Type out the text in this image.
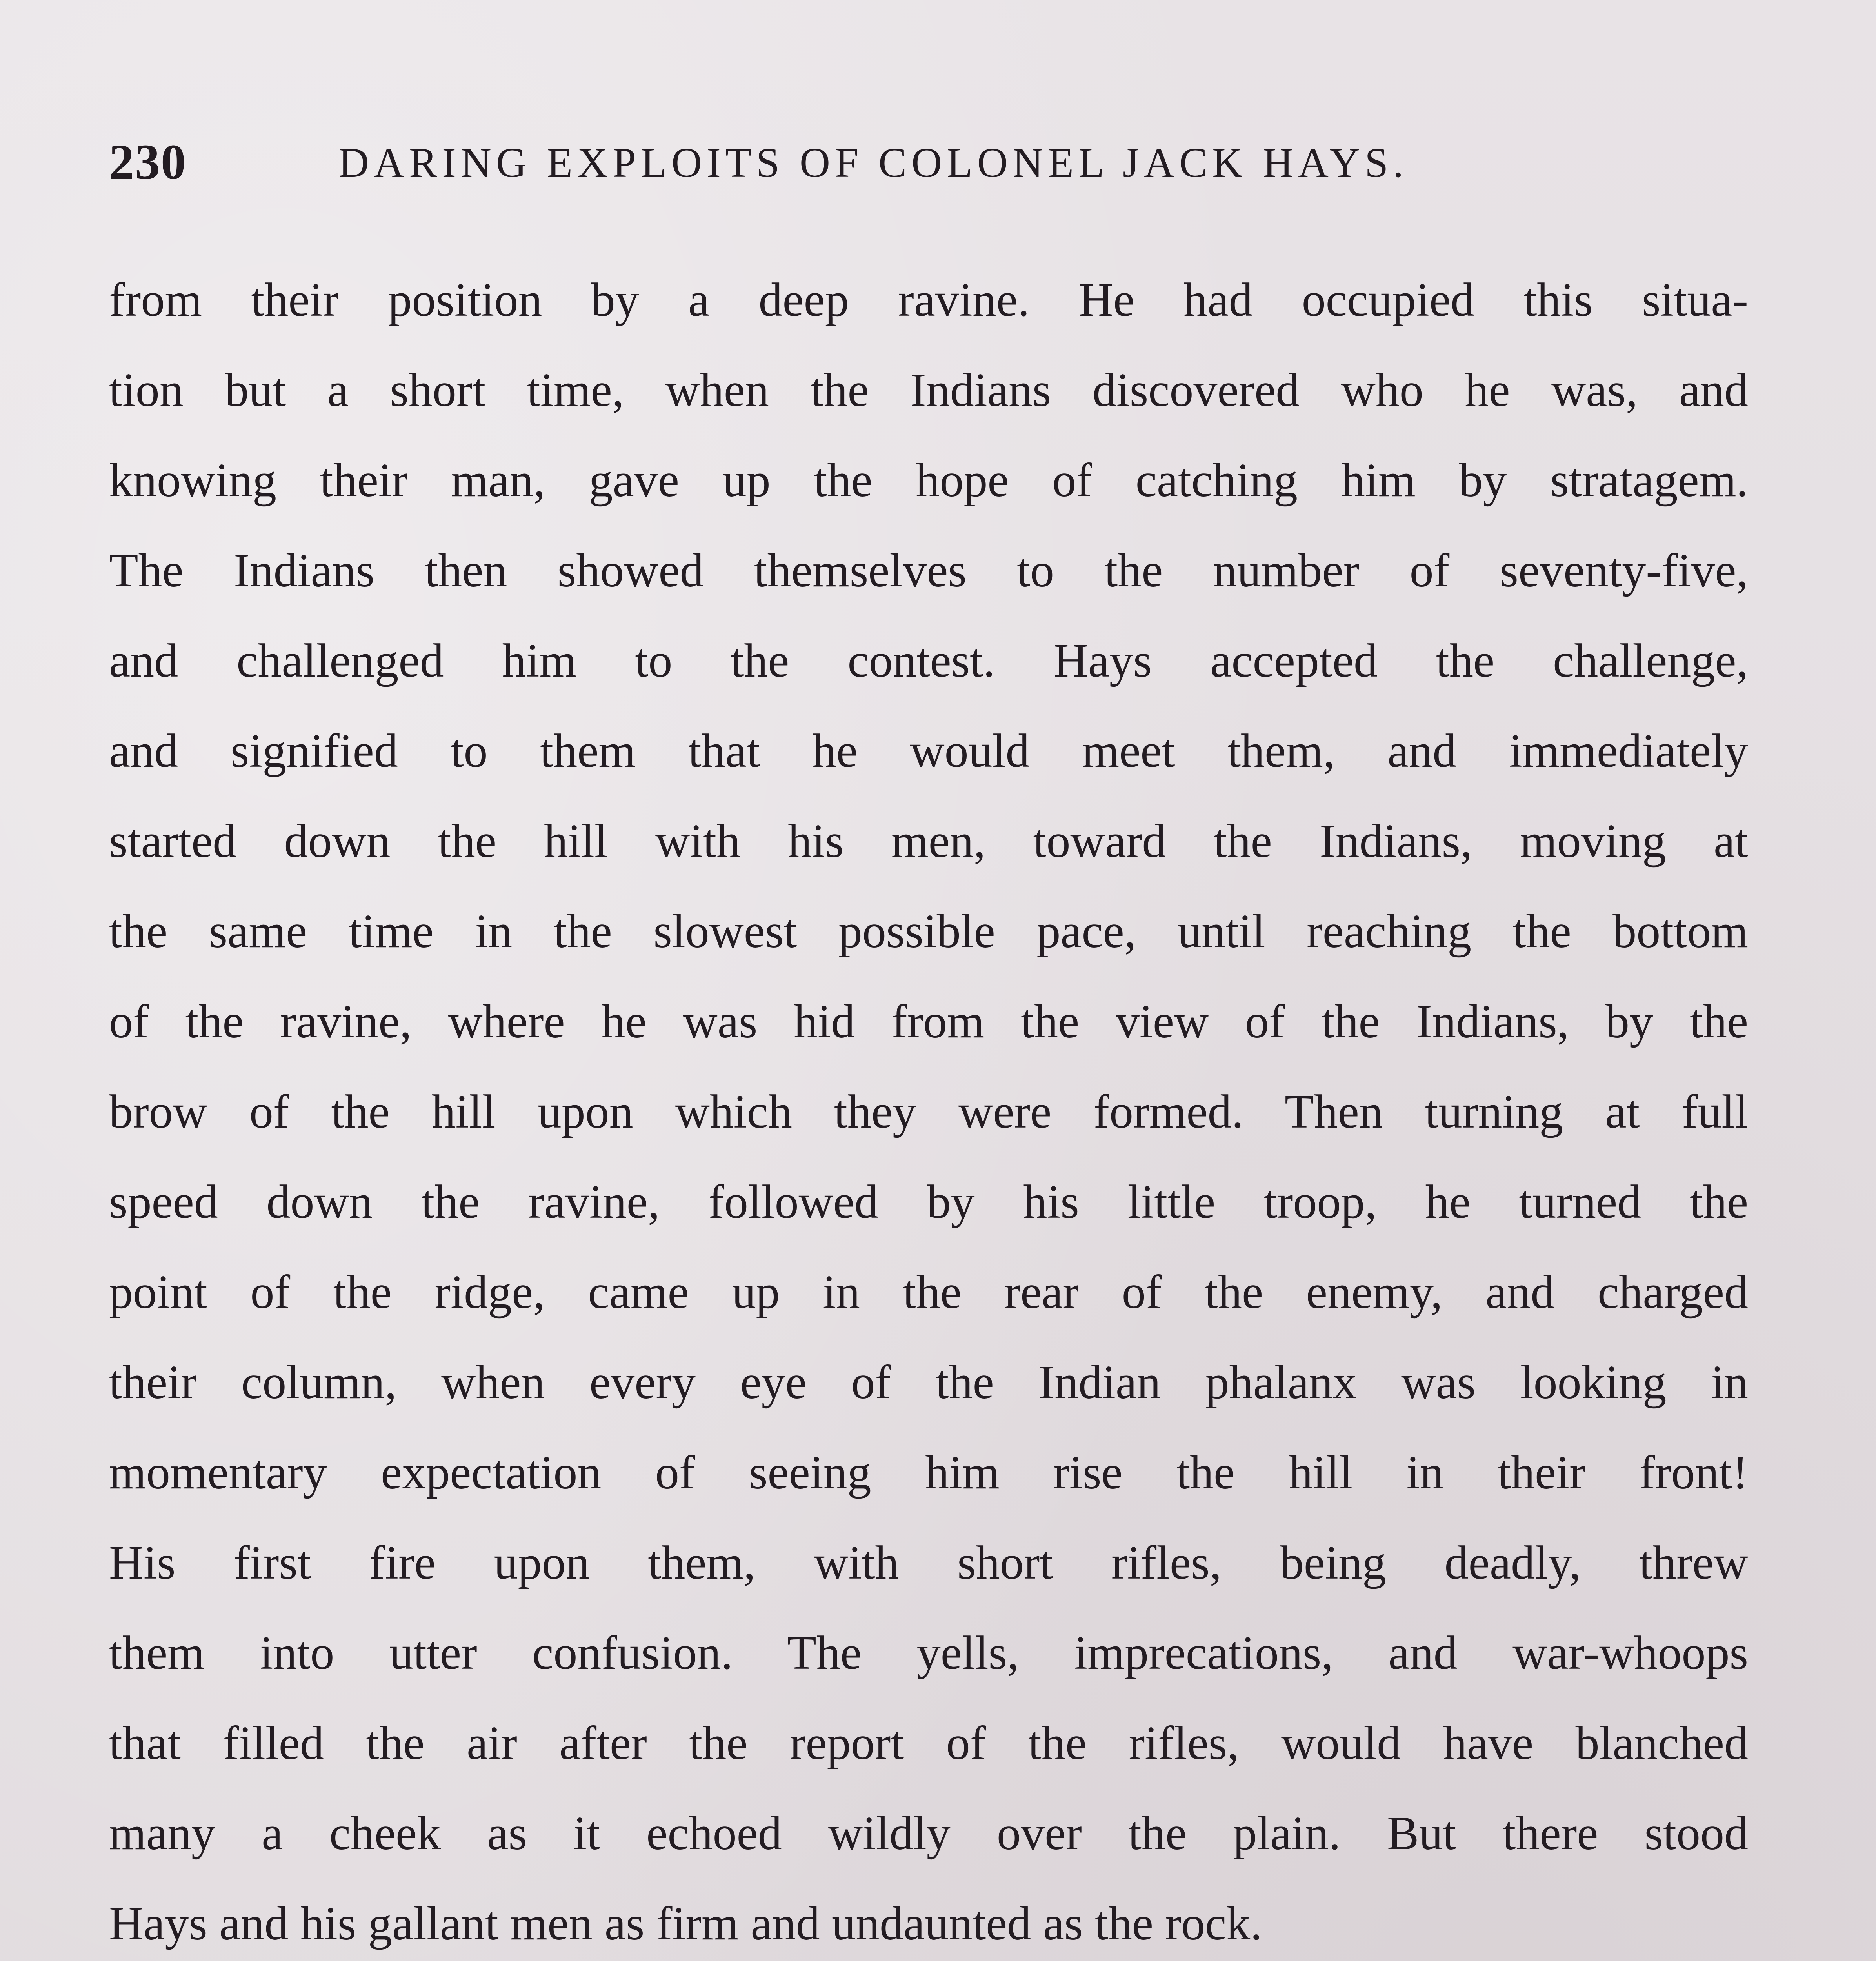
230	DARING EXPLOITS OF COLONEL JACK HAYS.
from their position by a deep ravine. He had occupied this situa-
tion but a short time, when the Indians discovered who he was, and
knowing their man, gave up the hope of catching him by stratagem.
The Indians then showed themselves to the number of seventy-five,
and challenged him to the contest. Hays accepted the challenge,
and signified to them that he would meet them, and immediately
started down the hill with his men, toward the Indians, moving at
the same time in the slowest possible pace, until reaching the bottom
of the ravine, where he was hid from the view of the Indians, by the
brow of the hill upon which they were formed. Then turning at full
speed down the ravine, followed by his little troop, he turned the
point of the ridge, came up in the rear of the enemy, and charged
their column, when every eye of the Indian phalanx was looking in
momentary expectation of seeing him rise the hill in their front!
His first fire upon them, with short rifles, being deadly, threw
them into utter confusion. The yells, imprecations, and war-whoops
that filled the air after the report of the rifles, would have blanched
many a cheek as it echoed wildly over the plain. But there stood
Hays and his gallant men as firm and undaunted as the rock.
